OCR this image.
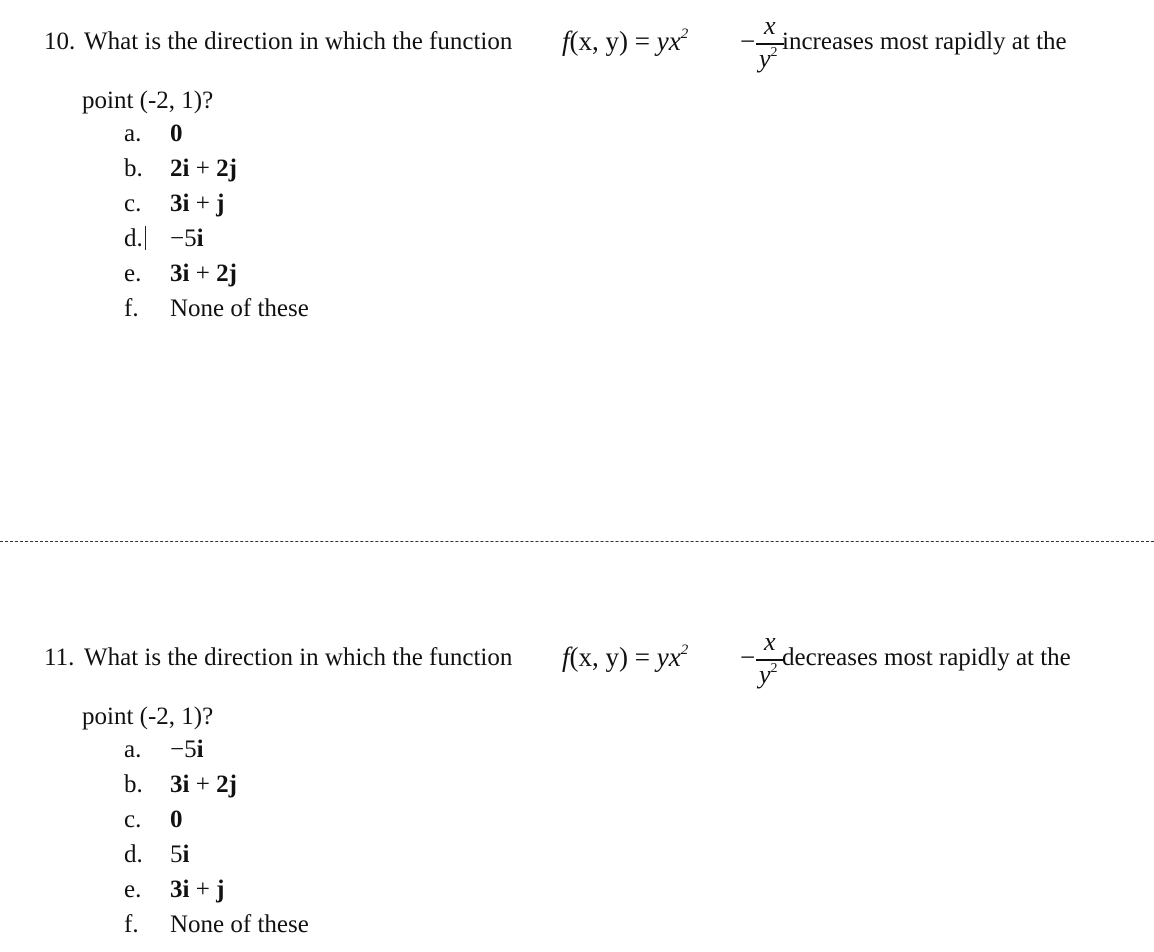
10. What is the direction in which the function f(x, $y) = yx^2$ −
x
$y^2$ increases most rapidly at the
point (-2, 1)?
a.	0
b.	2i + 2j
c.	3i + j
d.	−5i
e.	3i + 2j
f.	None of these
11. What is the direction in which the function f(x, $y) = yx^2$ −
x
$y^2$ decreases most rapidly at the
point (-2, 1)?
a.	−5i
b.	3i + 2j
c.	0
d.	5i
e.	3i + j
f.	None of these
